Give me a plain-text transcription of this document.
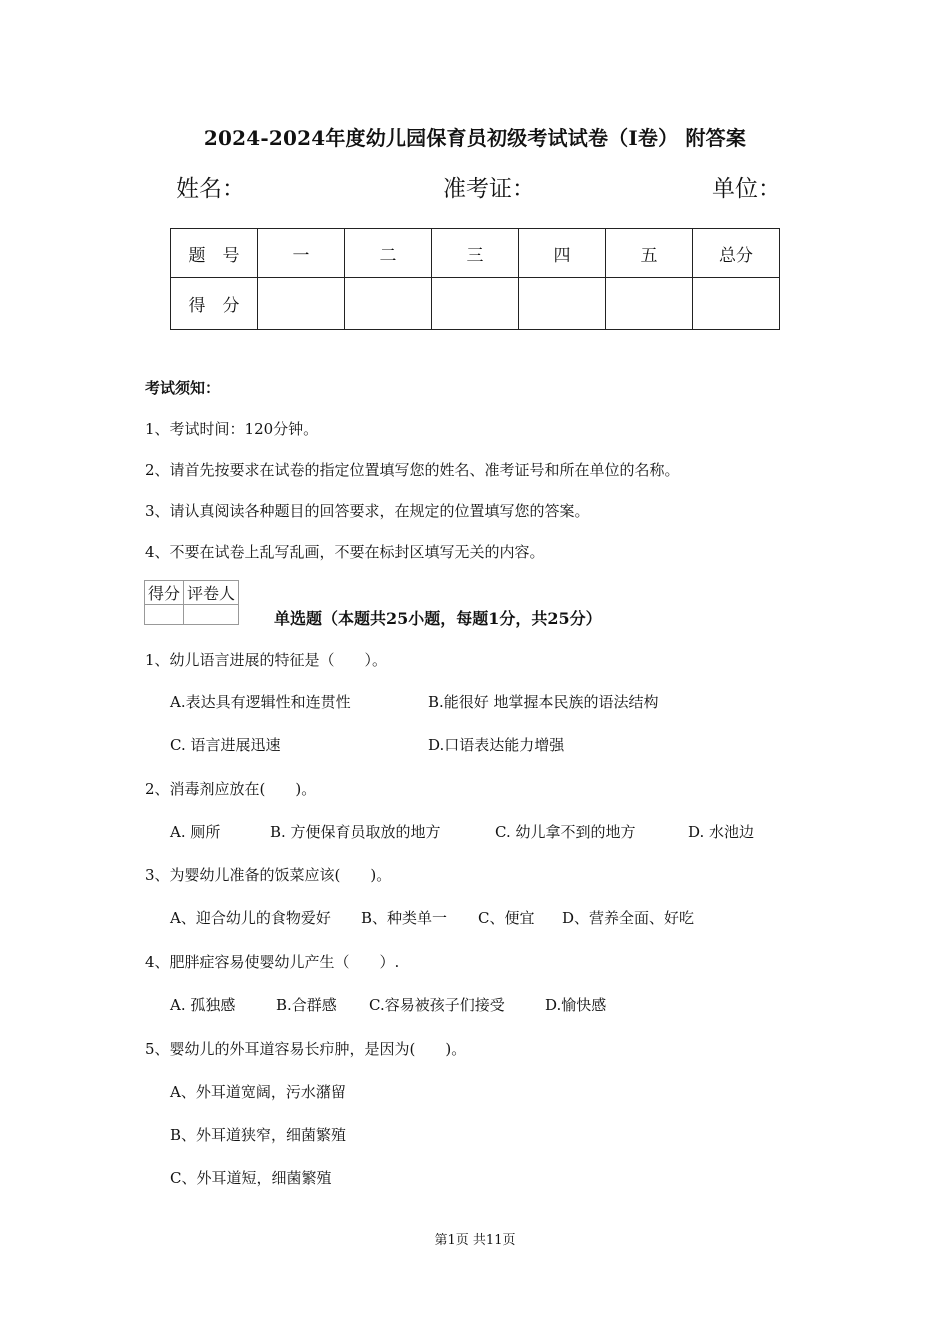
2024-2024年度幼儿园保育员初级考试试卷（I卷） 附答案
姓名：	准考证：	单位：
题　号	一	二	三	四	五	总分
得　分						
考试须知：
1、考试时间：120分钟。
2、请首先按要求在试卷的指定位置填写您的姓名、准考证号和所在单位的名称。
3、请认真阅读各种题目的回答要求，在规定的位置填写您的答案。
4、不要在试卷上乱写乱画，不要在标封区填写无关的内容。
得分	评卷人

单选题（本题共25小题，每题1分，共25分）
1、幼儿语言进展的特征是（　　）。
A.表达具有逻辑性和连贯性	B.能很好 地掌握本民族的语法结构
C. 语言进展迅速	D.口语表达能力增强
2、消毒剂应放在(　　)。
A. 厕所	B. 方便保育员取放的地方	C. 幼儿拿不到的地方	D. 水池边
3、为婴幼儿准备的饭菜应该(　　)。
A、迎合幼儿的食物爱好 B、种类单一 C、便宜 D、营养全面、好吃
4、肥胖症容易使婴幼儿产生（　　）.
A. 孤独感	B.合群感 C.容易被孩子们接受	D.愉快感
5、婴幼儿的外耳道容易长疖肿，是因为(　　)。
A、外耳道宽阔，污水潴留
B、外耳道狭窄，细菌繁殖
C、外耳道短，细菌繁殖
第1页 共11页
